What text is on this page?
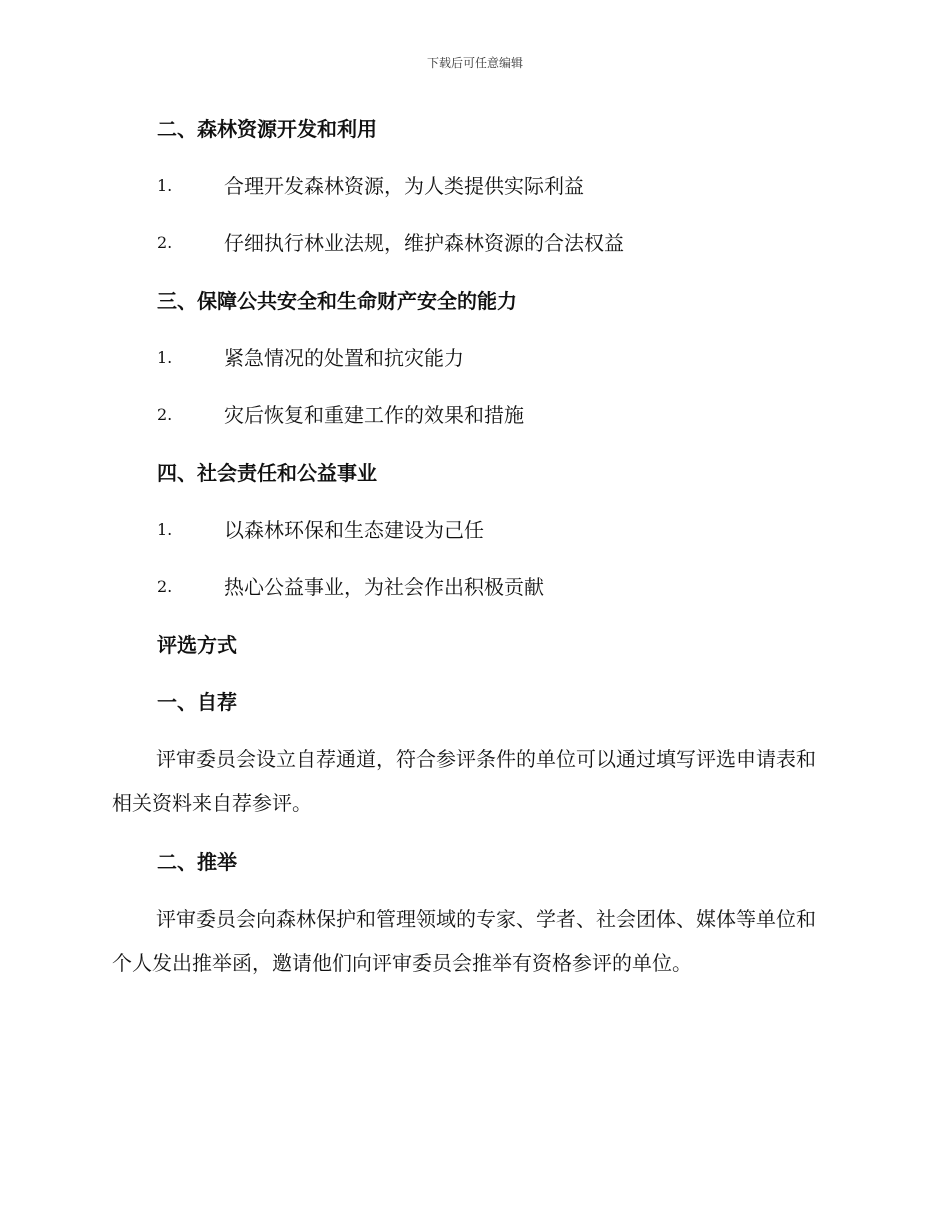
下载后可任意编辑
二、森林资源开发和利用
1.	合理开发森林资源，为人类提供实际利益
2.	仔细执行林业法规，维护森林资源的合法权益
三、保障公共安全和生命财产安全的能力
1.	紧急情况的处置和抗灾能力
2.	灾后恢复和重建工作的效果和措施
四、社会责任和公益事业
1.	以森林环保和生态建设为己任
2.	热心公益事业，为社会作出积极贡献
评选方式
一、自荐

评审委员会设立自荐通道，符合参评条件的单位可以通过填写评选申请表和相关资料来自荐参评。

二、推举

评审委员会向森林保护和管理领域的专家、学者、社会团体、媒体等单位和个人发出推举函，邀请他们向评审委员会推举有资格参评的单位。
